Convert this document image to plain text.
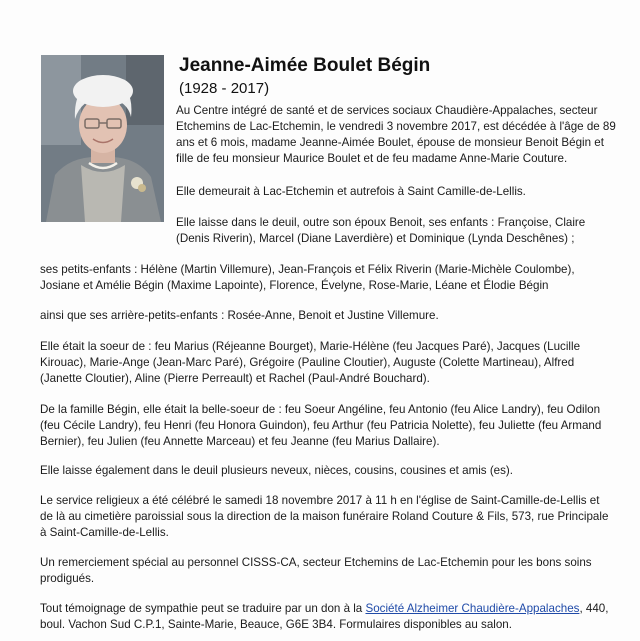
Jeanne-Aimée Boulet Bégin
(1928 - 2017)

Au Centre intégré de santé et de services sociaux Chaudière-Appalaches, secteur Etchemins de Lac-Etchemin, le vendredi 3 novembre 2017, est décédée à l'âge de 89 ans et 6 mois, madame Jeanne-Aimée Boulet, épouse de monsieur Benoit Bégin et fille de feu monsieur Maurice Boulet et de feu madame Anne-Marie Couture.

Elle demeurait à Lac-Etchemin et autrefois à Saint Camille-de-Lellis.

Elle laisse dans le deuil, outre son époux Benoit, ses enfants : Françoise, Claire (Denis Riverin), Marcel (Diane Laverdière) et Dominique (Lynda Deschênes) ;

ses petits-enfants : Hélène (Martin Villemure), Jean-François et Félix Riverin (Marie-Michèle Coulombe), Josiane et Amélie Bégin (Maxime Lapointe), Florence, Évelyne, Rose-Marie, Léane et Élodie Bégin

ainsi que ses arrière-petits-enfants : Rosée-Anne, Benoit et Justine Villemure.

Elle était la soeur de : feu Marius (Réjeanne Bourget), Marie-Hélène (feu Jacques Paré), Jacques (Lucille Kirouac), Marie-Ange (Jean-Marc Paré), Grégoire (Pauline Cloutier), Auguste (Colette Martineau), Alfred (Janette Cloutier), Aline (Pierre Perreault) et Rachel (Paul-André Bouchard).

De la famille Bégin, elle était la belle-soeur de : feu Soeur Angéline, feu Antonio (feu Alice Landry), feu Odilon (feu Cécile Landry), feu Henri (feu Honora Guindon), feu Arthur (feu Patricia Nolette), feu Juliette (feu Armand Bernier), feu Julien (feu Annette Marceau) et feu Jeanne (feu Marius Dallaire).

Elle laisse également dans le deuil plusieurs neveux, nièces, cousins, cousines et amis (es).

Le service religieux a été célébré le samedi 18 novembre 2017 à 11 h en l'église de Saint-Camille-de-Lellis et de là au cimetière paroissial sous la direction de la maison funéraire Roland Couture & Fils, 573, rue Principale à Saint-Camille-de-Lellis.

Un remerciement spécial au personnel CISSS-CA, secteur Etchemins de Lac-Etchemin pour les bons soins prodigués.

Tout témoignage de sympathie peut se traduire par un don à la Société Alzheimer Chaudière-Appalaches, 440, boul. Vachon Sud C.P.1, Sainte-Marie, Beauce, G6E 3B4. Formulaires disponibles au salon.
